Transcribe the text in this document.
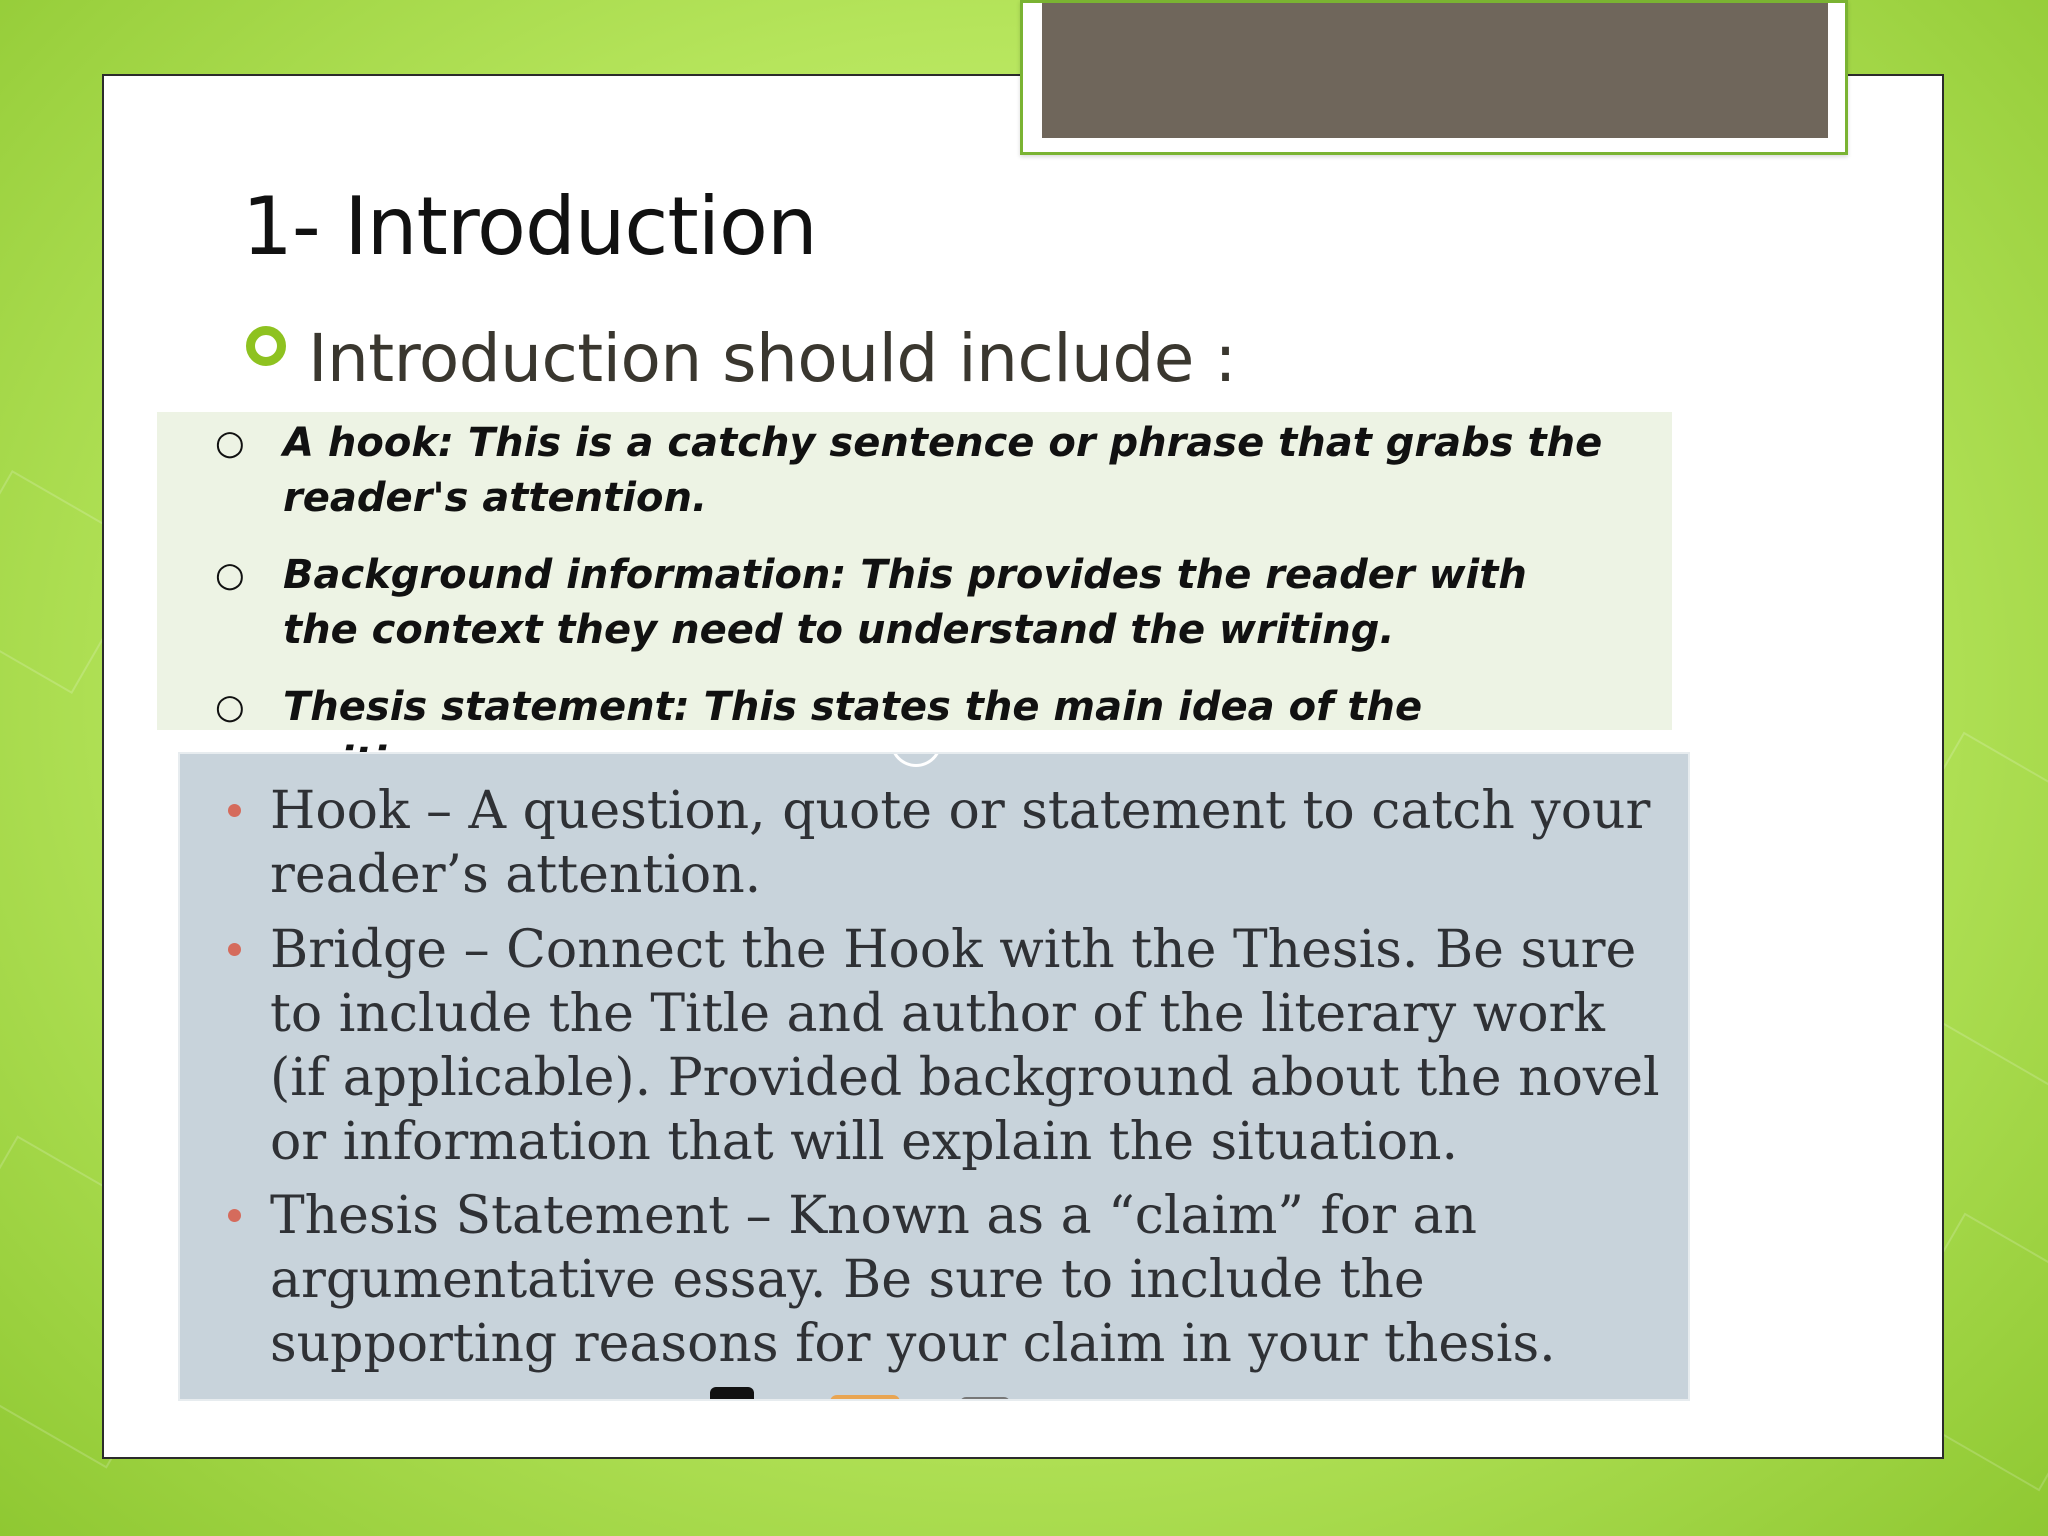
1- Introduction
Introduction should include :
○ A hook: This is a catchy sentence or phrase that grabs the reader's attention.
○ Background information: This provides the reader with the context they need to understand the writing.
○ Thesis statement: This states the main idea of the
Hook – A question, quote or statement to catch your reader’s attention.
Bridge – Connect the Hook with the Thesis. Be sure to include the Title and author of the literary work (if applicable). Provided background about the novel or information that will explain the situation.
Thesis Statement – Known as a “claim” for an argumentative essay. Be sure to include the supporting reasons for your claim in your thesis.
